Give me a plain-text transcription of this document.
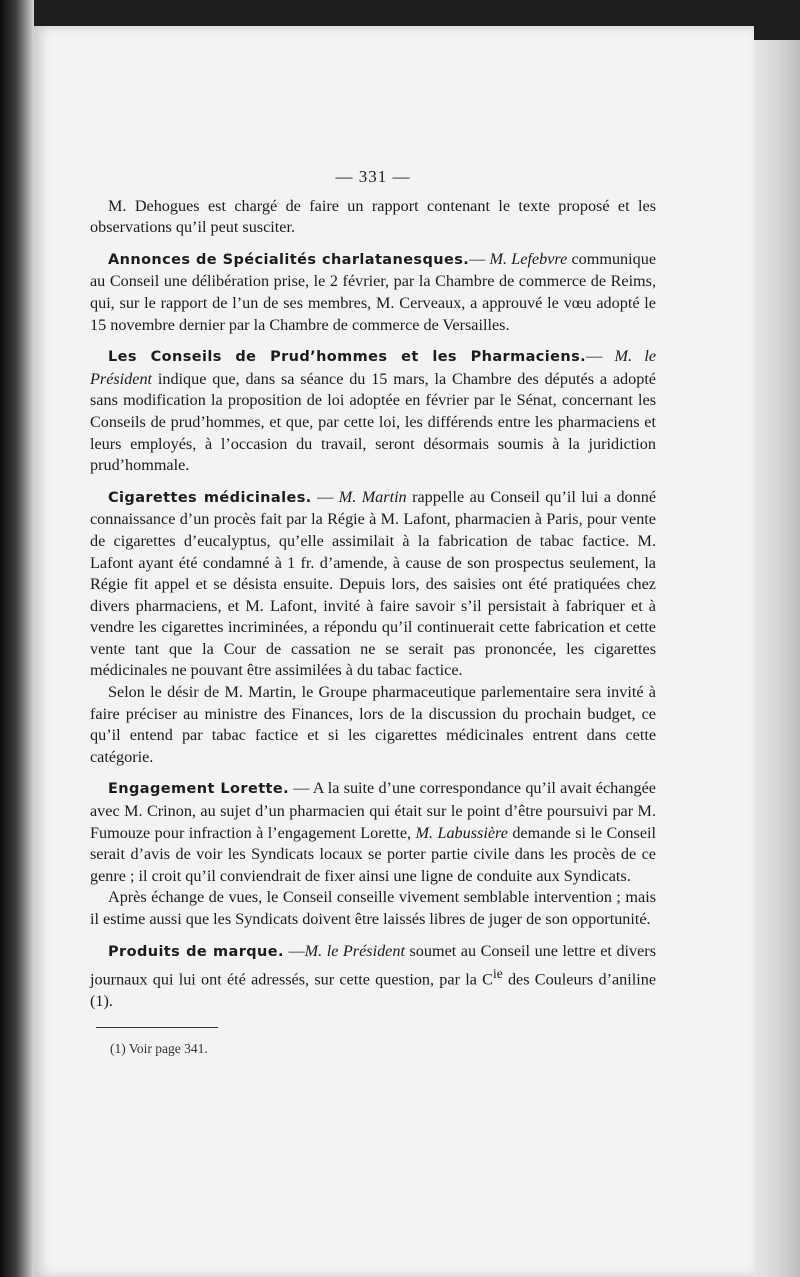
— 331 —

M. Dehogues est chargé de faire un rapport contenant le texte proposé et les observations qu’il peut susciter.

Annonces de Spécialités charlatanesques.— M. Lefebvre communique au Conseil une délibération prise, le 2 février, par la Chambre de commerce de Reims, qui, sur le rapport de l’un de ses membres, M. Cerveaux, a approuvé le vœu adopté le 15 novembre dernier par la Chambre de commerce de Versailles.

Les Conseils de Prud’hommes et les Pharmaciens.— M. le Président indique que, dans sa séance du 15 mars, la Chambre des députés a adopté sans modification la proposition de loi adoptée en février par le Sénat, concernant les Conseils de prud’hommes, et que, par cette loi, les différends entre les pharmaciens et leurs employés, à l’occasion du travail, seront désormais soumis à la juridiction prud’hommale.

Cigarettes médicinales. — M. Martin rappelle au Conseil qu’il lui a donné connaissance d’un procès fait par la Régie à M. Lafont, pharmacien à Paris, pour vente de cigarettes d’eucalyptus, qu’elle assimilait à la fabrication de tabac factice. M. Lafont ayant été condamné à 1 fr. d’amende, à cause de son prospectus seulement, la Régie fit appel et se désista ensuite. Depuis lors, des saisies ont été pratiquées chez divers pharmaciens, et M. Lafont, invité à faire savoir s’il persistait à fabriquer et à vendre les cigarettes incriminées, a répondu qu’il continuerait cette fabrication et cette vente tant que la Cour de cassation ne se serait pas prononcée, les cigarettes médicinales ne pouvant être assimilées à du tabac factice.

Selon le désir de M. Martin, le Groupe pharmaceutique parlementaire sera invité à faire préciser au ministre des Finances, lors de la discussion du prochain budget, ce qu’il entend par tabac factice et si les cigarettes médicinales entrent dans cette catégorie.

Engagement Lorette. — A la suite d’une correspondance qu’il avait échangée avec M. Crinon, au sujet d’un pharmacien qui était sur le point d’être poursuivi par M. Fumouze pour infraction à l’engagement Lorette, M. Labussière demande si le Conseil serait d’avis de voir les Syndicats locaux se porter partie civile dans les procès de ce genre ; il croit qu’il conviendrait de fixer ainsi une ligne de conduite aux Syndicats.

Après échange de vues, le Conseil conseille vivement semblable intervention ; mais il estime aussi que les Syndicats doivent être laissés libres de juger de son opportunité.

Produits de marque. —M. le Président soumet au Conseil une lettre et divers journaux qui lui ont été adressés, sur cette question, par la $C^{ie}$ des Couleurs d’aniline (1).

(1) Voir page 341.
